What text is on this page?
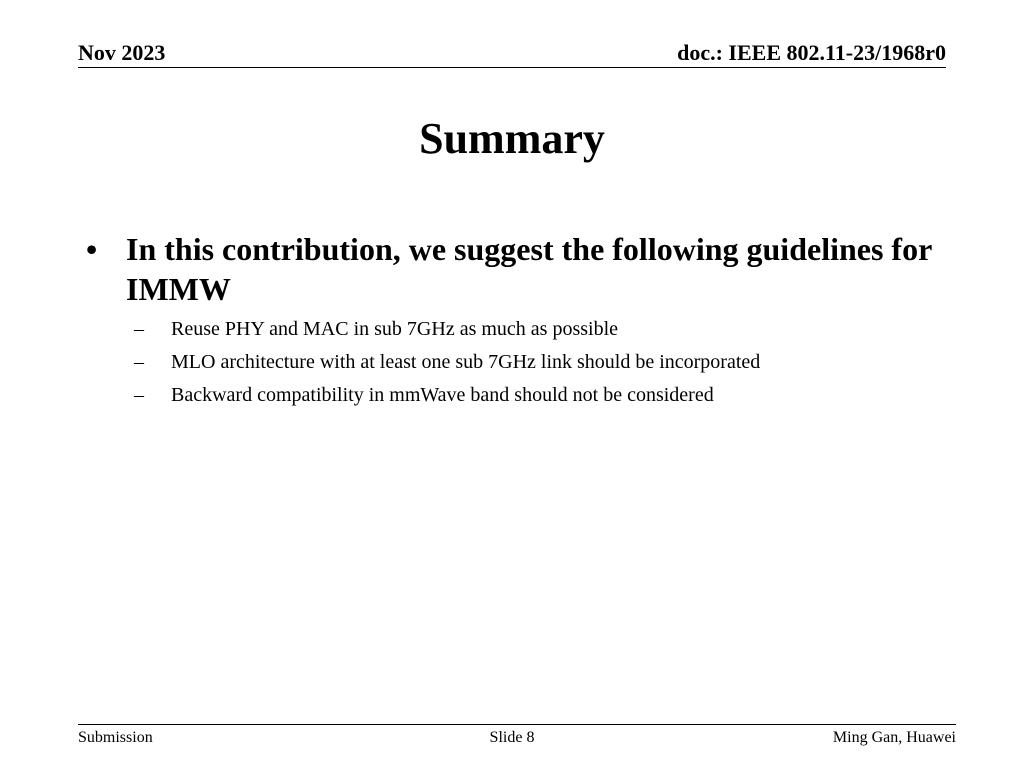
Nov 2023	doc.: IEEE 802.11-23/1968r0
Summary
• In this contribution, we suggest the following guidelines for IMMW
– Reuse PHY and MAC in sub 7GHz as much as possible
– MLO architecture with at least one sub 7GHz link should be incorporated
– Backward compatibility in mmWave band should not be considered
Submission	Slide 8	Ming Gan, Huawei
